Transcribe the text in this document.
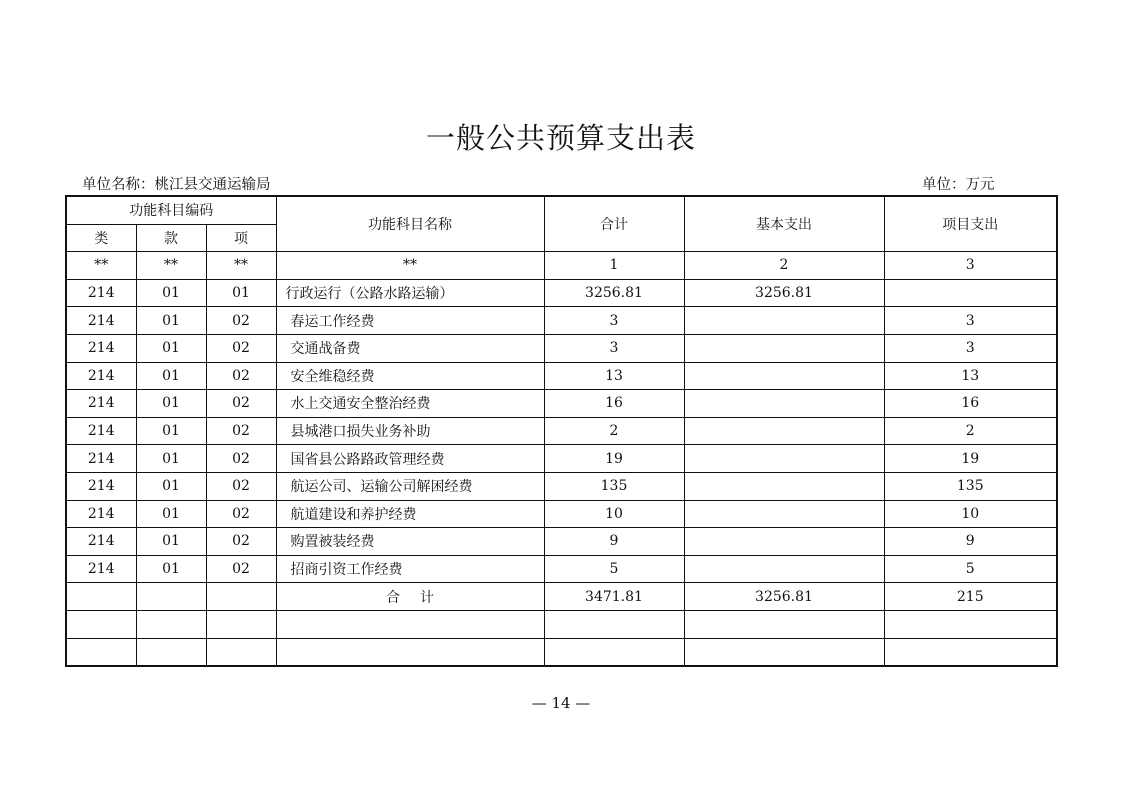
一般公共预算支出表
单位名称：桃江县交通运输局	单位：万元
功能科目编码			功能科目名称	合计	基本支出	项目支出
类	款	项				
**	**	**	**	1	2	3
214	01	01	行政运行（公路水路运输）	3256.81	3256.81	
214	01	02	春运工作经费	3		3
214	01	02	交通战备费	3		3
214	01	02	安全维稳经费	13		13
214	01	02	水上交通安全整治经费	16		16
214	01	02	县城港口损失业务补助	2		2
214	01	02	国省县公路路政管理经费	19		19
214	01	02	航运公司、运输公司解困经费	135		135
214	01	02	航道建设和养护经费	10		10
214	01	02	购置被装经费	9		9
214	01	02	招商引资工作经费	5		5
			合计	3471.81	3256.81	215

— 14 —
